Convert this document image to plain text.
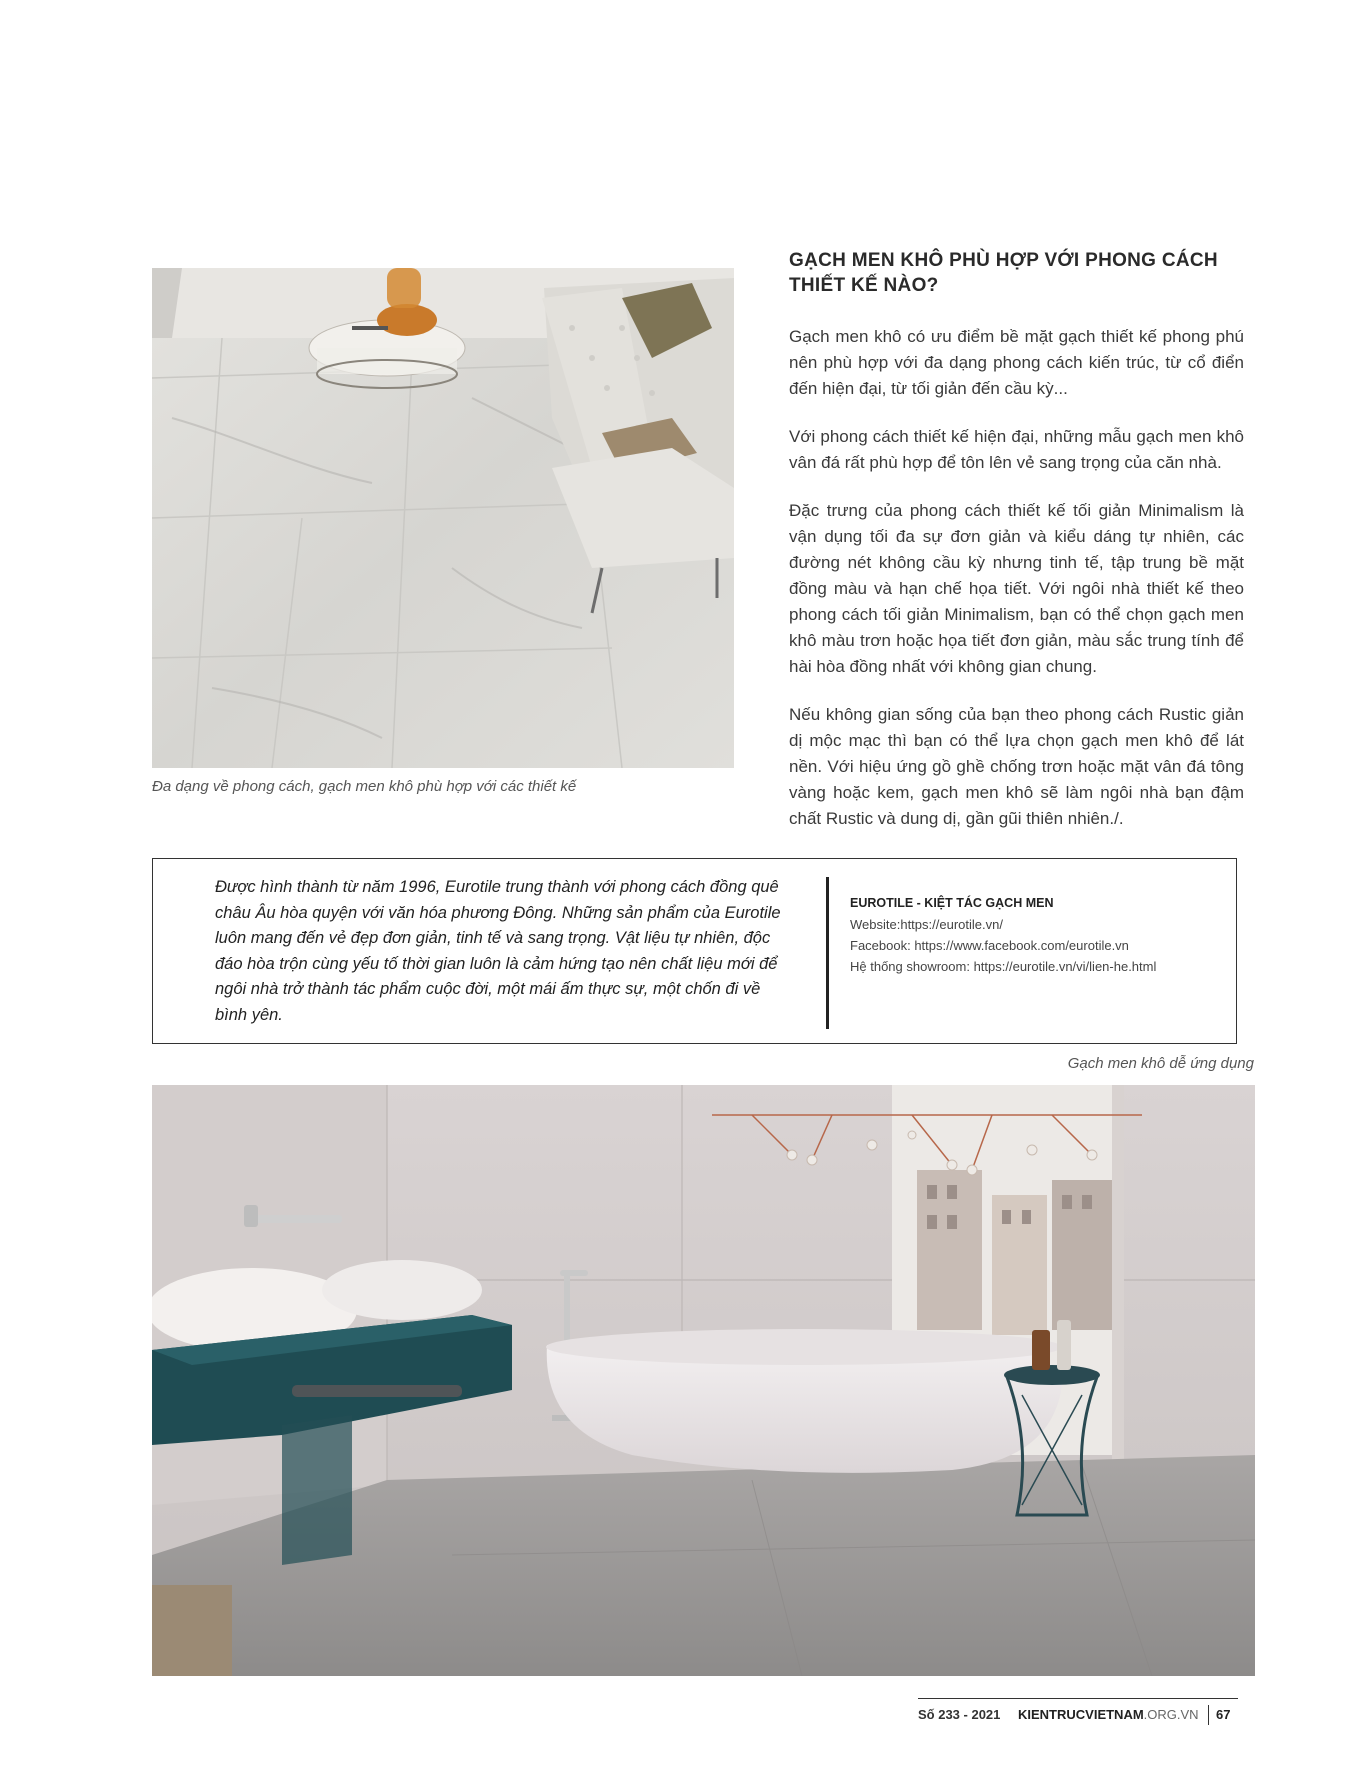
Đa dạng về phong cách, gạch men khô phù hợp với các thiết kế
GẠCH MEN KHÔ PHÙ HỢP VỚI PHONG CÁCH THIẾT KẾ NÀO?

Gạch men khô có ưu điểm bề mặt gạch thiết kế phong phú nên phù hợp với đa dạng phong cách kiến trúc, từ cổ điển đến hiện đại, từ tối giản đến cầu kỳ...

Với phong cách thiết kế hiện đại, những mẫu gạch men khô vân đá rất phù hợp để tôn lên vẻ sang trọng của căn nhà.

Đặc trưng của phong cách thiết kế tối giản Minimalism là vận dụng tối đa sự đơn giản và kiểu dáng tự nhiên, các đường nét không cầu kỳ nhưng tinh tế, tập trung bề mặt đồng màu và hạn chế họa tiết. Với ngôi nhà thiết kế theo phong cách tối giản Minimalism, bạn có thể chọn gạch men khô màu trơn hoặc họa tiết đơn giản, màu sắc trung tính để hài hòa đồng nhất với không gian chung.

Nếu không gian sống của bạn theo phong cách Rustic giản dị mộc mạc thì bạn có thể lựa chọn gạch men khô để lát nền. Với hiệu ứng gồ ghề chống trơn hoặc mặt vân đá tông vàng hoặc kem, gạch men khô sẽ làm ngôi nhà bạn đậm chất Rustic và dung dị, gần gũi thiên nhiên./.

Được hình thành từ năm 1996, Eurotile trung thành với phong cách đồng quê châu Âu hòa quyện với văn hóa phương Đông. Những sản phẩm của Eurotile luôn mang đến vẻ đẹp đơn giản, tinh tế và sang trọng. Vật liệu tự nhiên, độc đáo hòa trộn cùng yếu tố thời gian luôn là cảm hứng tạo nên chất liệu mới để ngôi nhà trở thành tác phẩm cuộc đời, một mái ấm thực sự, một chốn đi về bình yên.
EUROTILE - KIỆT TÁC GẠCH MEN
Website:https://eurotile.vn/
Facebook: https://www.facebook.com/eurotile.vn
Hệ thống showroom: https://eurotile.vn/vi/lien-he.html
Gạch men khô dễ ứng dụng
Số 233 - 2021 KIENTRUCVIETNAM.ORG.VN 67
